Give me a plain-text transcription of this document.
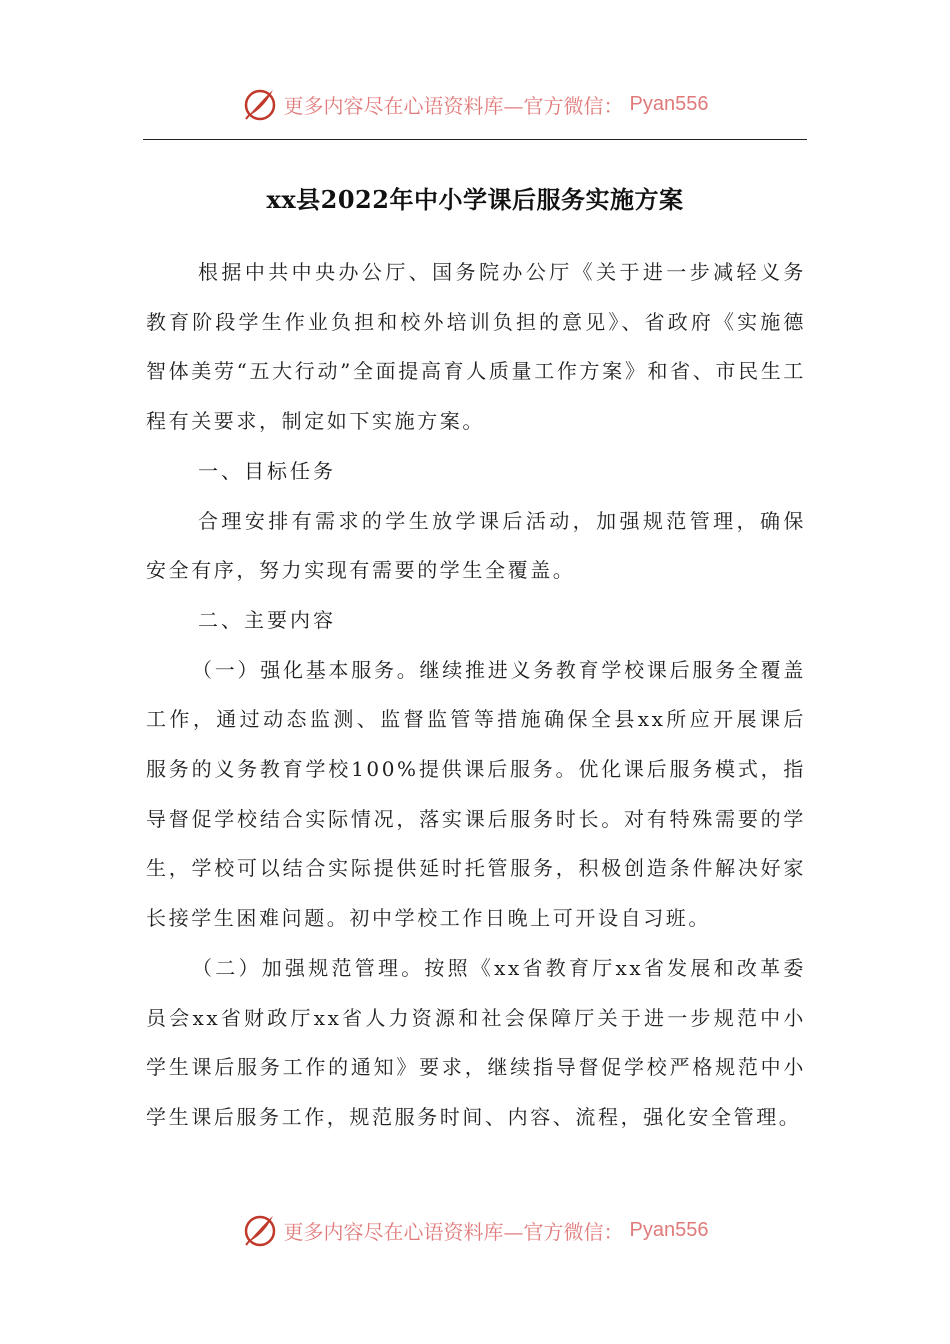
更多内容尽在心语资料库—官方微信： Pyan556
xx县2022年中小学课后服务实施方案

根据中共中央办公厅、国务院办公厅《关于进一步减轻义务教育阶段学生作业负担和校外培训负担的意见》、省政府《实施德智体美劳“五大行动”全面提高育人质量工作方案》和省、市民生工程有关要求，制定如下实施方案。

一、目标任务

合理安排有需求的学生放学课后活动，加强规范管理，确保安全有序，努力实现有需要的学生全覆盖。

二、主要内容

（一）强化基本服务。继续推进义务教育学校课后服务全覆盖工作，通过动态监测、监督监管等措施确保全县xx所应开展课后服务的义务教育学校100%提供课后服务。优化课后服务模式，指导督促学校结合实际情况，落实课后服务时长。对有特殊需要的学生，学校可以结合实际提供延时托管服务，积极创造条件解决好家长接学生困难问题。初中学校工作日晚上可开设自习班。

（二）加强规范管理。按照《xx省教育厅xx省发展和改革委员会xx省财政厅xx省人力资源和社会保障厅关于进一步规范中小学生课后服务工作的通知》要求，继续指导督促学校严格规范中小学生课后服务工作，规范服务时间、内容、流程，强化安全管理。

更多内容尽在心语资料库—官方微信： Pyan556
